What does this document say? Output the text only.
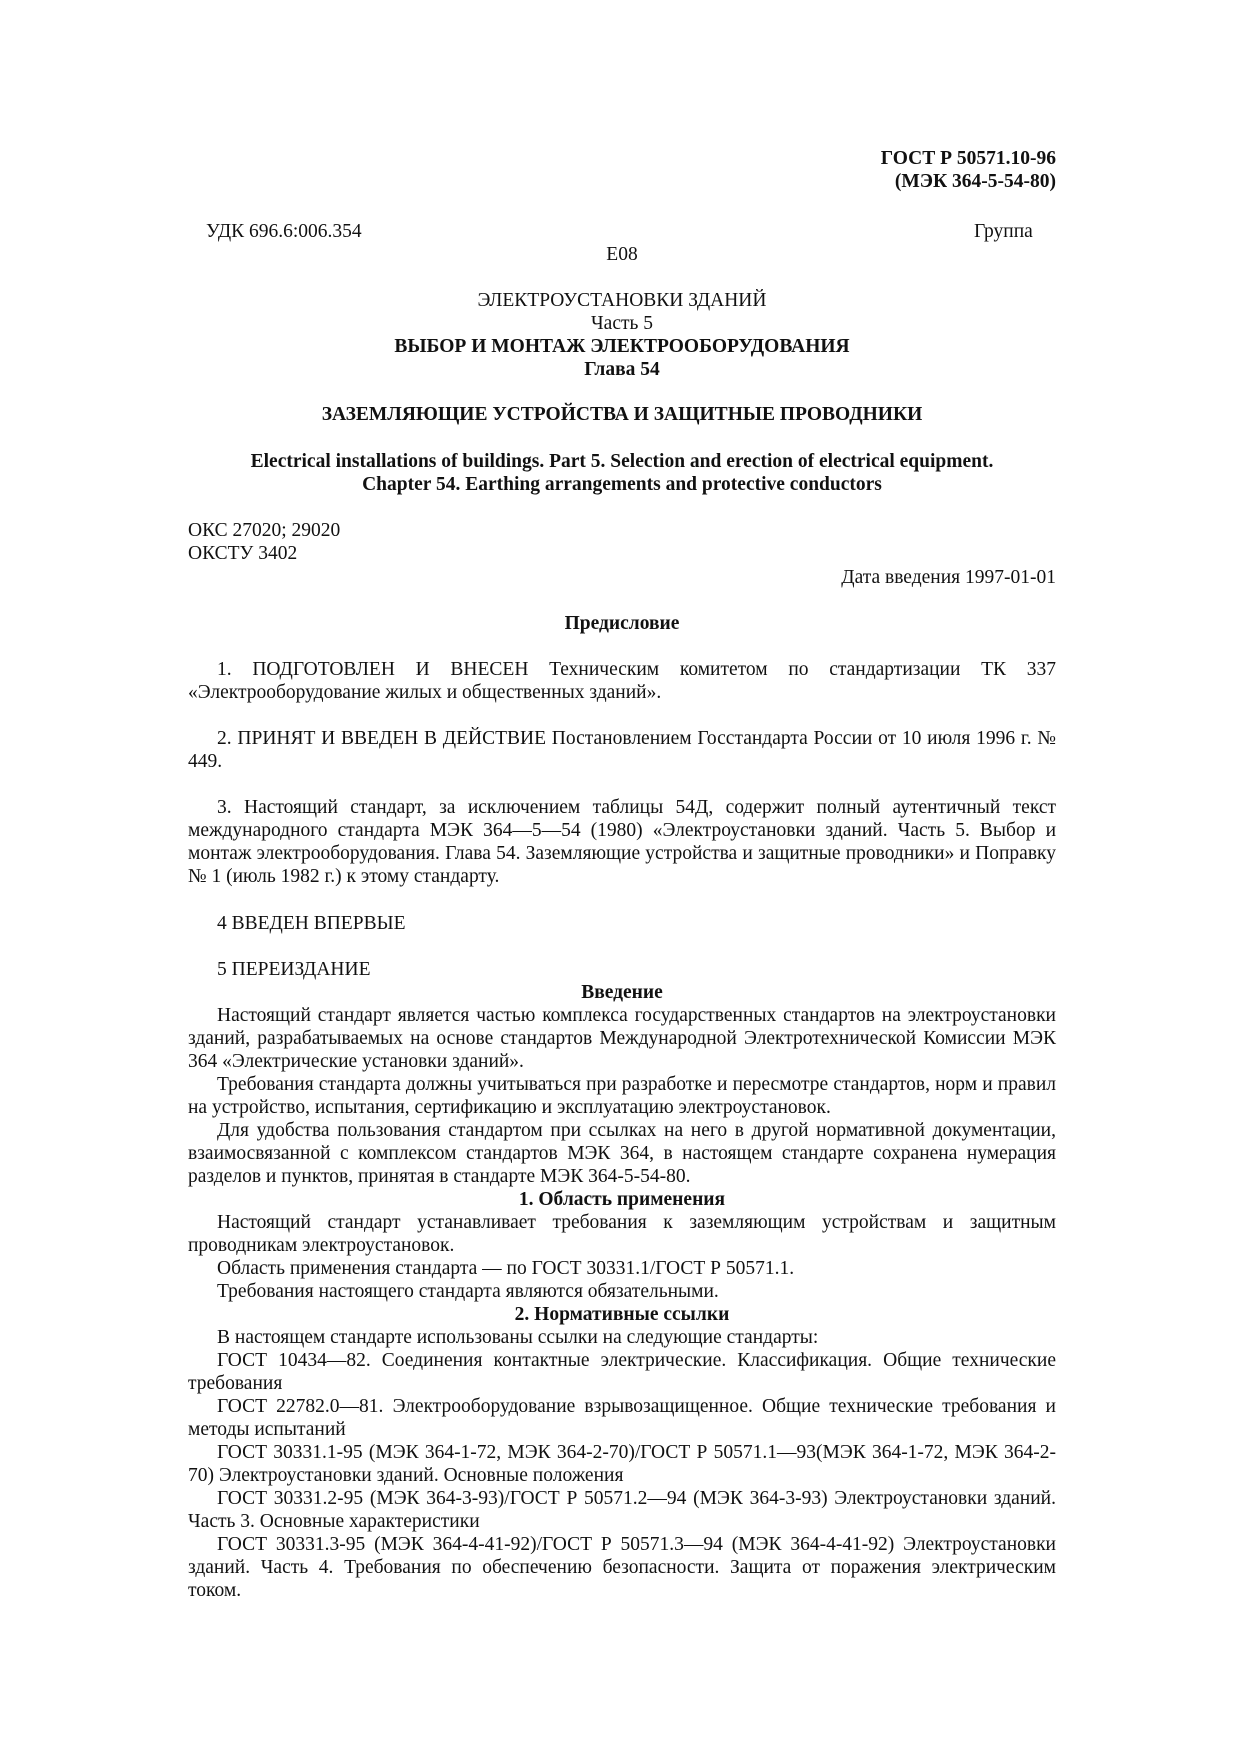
ГОСТ Р 50571.10-96

(МЭК 364-5-54-80)

УДК 696.6:006.354	Группа
Е08

ЭЛЕКТРОУСТАНОВКИ ЗДАНИЙ

Часть 5

ВЫБОР И МОНТАЖ ЭЛЕКТРООБОРУДОВАНИЯ

Глава 54

ЗАЗЕМЛЯЮЩИЕ УСТРОЙСТВА И ЗАЩИТНЫЕ ПРОВОДНИКИ

Electrical installations of buildings. Part 5. Selection and erection of electrical equipment.

Chapter 54. Earthing arrangements and protective conductors

ОКС 27020; 29020

ОКСТУ 3402

Дата введения 1997-01-01
Предисловие

1. ПОДГОТОВЛЕН И ВНЕСЕН Техническим комитетом по стандартизации ТК 337 «Электрооборудование жилых и общественных зданий».

2. ПРИНЯТ И ВВЕДЕН В ДЕЙСТВИЕ Постановлением Госстандарта России от 10 июля 1996 г. № 449.

3. Настоящий стандарт, за исключением таблицы 54Д, содержит полный аутентичный текст международного стандарта МЭК 364—5—54 (1980) «Электроустановки зданий. Часть 5. Выбор и монтаж электрооборудования. Глава 54. Заземляющие устройства и защитные проводники» и Поправку № 1 (июль 1982 г.) к этому стандарту.

4 ВВЕДЕН ВПЕРВЫЕ

5 ПЕРЕИЗДАНИЕ

Введение

Настоящий стандарт является частью комплекса государственных стандартов на электроустановки зданий, разрабатываемых на основе стандартов Международной Электротехнической Комиссии МЭК 364 «Электрические установки зданий».

Требования стандарта должны учитываться при разработке и пересмотре стандартов, норм и правил на устройство, испытания, сертификацию и эксплуатацию электроустановок.

Для удобства пользования стандартом при ссылках на него в другой нормативной документации, взаимосвязанной с комплексом стандартов МЭК 364, в настоящем стандарте сохранена нумерация разделов и пунктов, принятая в стандарте МЭК 364-5-54-80.

1. Область применения

Настоящий стандарт устанавливает требования к заземляющим устройствам и защитным проводникам электроустановок.

Область применения стандарта — по ГОСТ 30331.1/ГОСТ Р 50571.1.

Требования настоящего стандарта являются обязательными.

2. Нормативные ссылки

В настоящем стандарте использованы ссылки на следующие стандарты:

ГОСТ 10434—82. Соединения контактные электрические. Классификация. Общие технические требования

ГОСТ 22782.0—81. Электрооборудование взрывозащищенное. Общие технические требования и методы испытаний

ГОСТ 30331.1-95 (МЭК 364-1-72, МЭК 364-2-70)/ГОСТ Р 50571.1—93(МЭК 364-1-72, МЭК 364-2-70) Электроустановки зданий. Основные положения

ГОСТ 30331.2-95 (МЭК 364-3-93)/ГОСТ Р 50571.2—94 (МЭК 364-3-93) Электроустановки зданий. Часть 3. Основные характеристики

ГОСТ 30331.3-95 (МЭК 364-4-41-92)/ГОСТ Р 50571.3—94 (МЭК 364-4-41-92) Электроустановки зданий. Часть 4. Требования по обеспечению безопасности. Защита от поражения электрическим током.
